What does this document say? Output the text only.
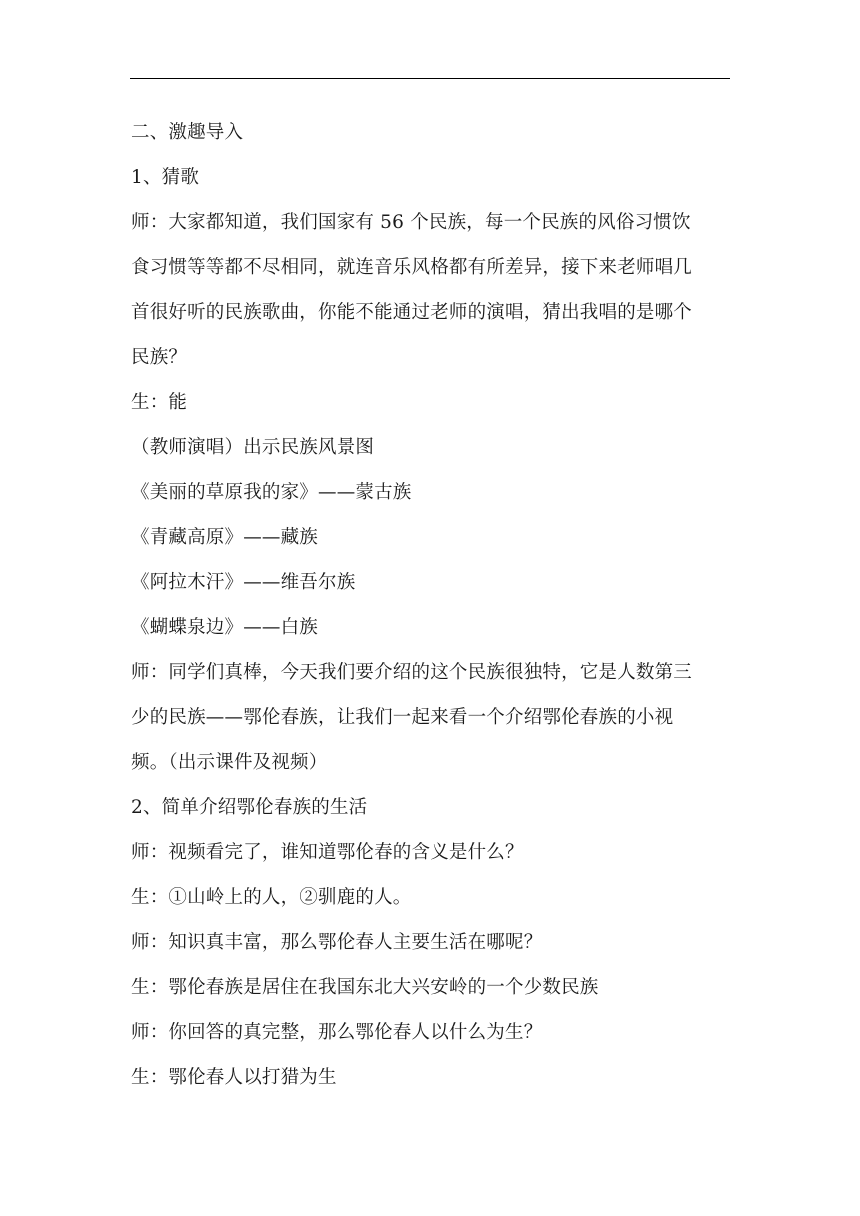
二、激趣导入
1、猜歌
师：大家都知道，我们国家有 56 个民族，每一个民族的风俗习惯饮
食习惯等等都不尽相同，就连音乐风格都有所差异，接下来老师唱几
首很好听的民族歌曲，你能不能通过老师的演唱，猜出我唱的是哪个
民族？
生：能
（教师演唱）出示民族风景图
《美丽的草原我的家》——蒙古族
《青藏高原》——藏族
《阿拉木汗》——维吾尔族
《蝴蝶泉边》——白族
师：同学们真棒，今天我们要介绍的这个民族很独特，它是人数第三
少的民族——鄂伦春族，让我们一起来看一个介绍鄂伦春族的小视
频。（出示课件及视频）
2、简单介绍鄂伦春族的生活
师：视频看完了，谁知道鄂伦春的含义是什么？
生：①山岭上的人，②驯鹿的人。
师：知识真丰富，那么鄂伦春人主要生活在哪呢？
生：鄂伦春族是居住在我国东北大兴安岭的一个少数民族
师：你回答的真完整，那么鄂伦春人以什么为生？
生：鄂伦春人以打猎为生
